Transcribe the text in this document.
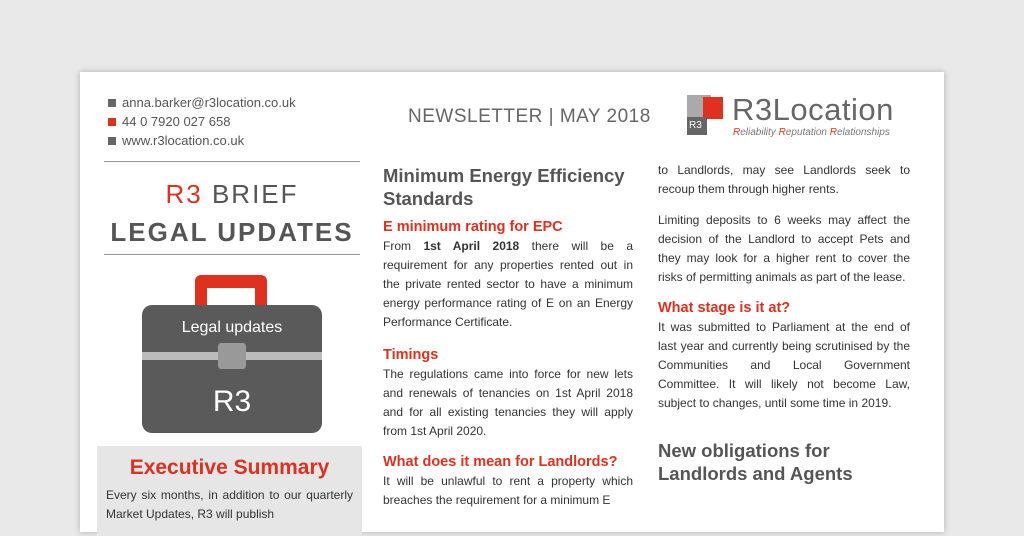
anna.barker@r3location.co.uk
44 0 7920 027 658
www.r3location.co.uk
R3 BRIEF
LEGAL UPDATES
Legal updates
R3
Executive Summary

Every six months, in addition to our quarterly Market Updates, R3 will publish

NEWSLETTER | MAY 2018	R3 R3Location
Reliability Reputation Relationships
Minimum Energy Efficiency Standards
E minimum rating for EPC

From 1st April 2018 there will be a requirement for any properties rented out in the private rented sector to have a minimum energy performance rating of E on an Energy Performance Certificate.

Timings

The regulations came into force for new lets and renewals of tenancies on 1st April 2018 and for all existing tenancies they will apply from 1st April 2020.

What does it mean for Landlords?

It will be unlawful to rent a property which breaches the requirement for a minimum E

to Landlords, may see Landlords seek to recoup them through higher rents.

Limiting deposits to 6 weeks may affect the decision of the Landlord to accept Pets and they may look for a higher rent to cover the risks of permitting animals as part of the lease.

What stage is it at?

It was submitted to Parliament at the end of last year and currently being scrutinised by the Communities and Local Government Committee. It will likely not become Law, subject to changes, until some time in 2019.

New obligations for Landlords and Agents
